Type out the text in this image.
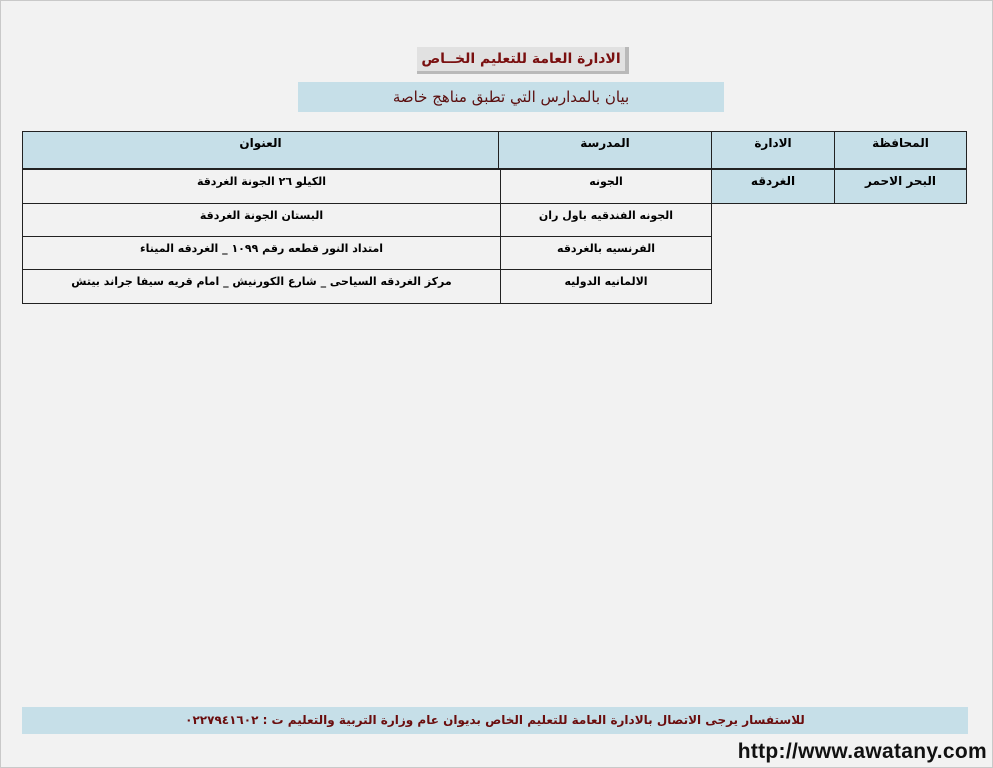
الادارة العامة للتعليم الخــاص
بيان بالمدارس التي تطبق مناهج خاصة
المحافظة
الادارة
المدرسة
العنوان
البحر الاحمر
الغردقه
الجونه
الكيلو ٢٦ الجونة الغردقة
الجونه الفندقيه باول ران
البستان الجونة الغردقة
الفرنسيه بالغردقه
امتداد النور قطعه رقم ١٠٩٩ _ الغردقه الميناء
الالمانيه الدوليه
مركز الغردقه السياحى _ شارع الكورنيش _ امام قريه سيفا جراند بيتش
للاستفسار يرجى الاتصال بالادارة العامة للتعليم الخاص بديوان عام وزارة التربية والتعليم ت : ٠٢٢٧٩٤١٦٠٢
http://www.awatany.com
